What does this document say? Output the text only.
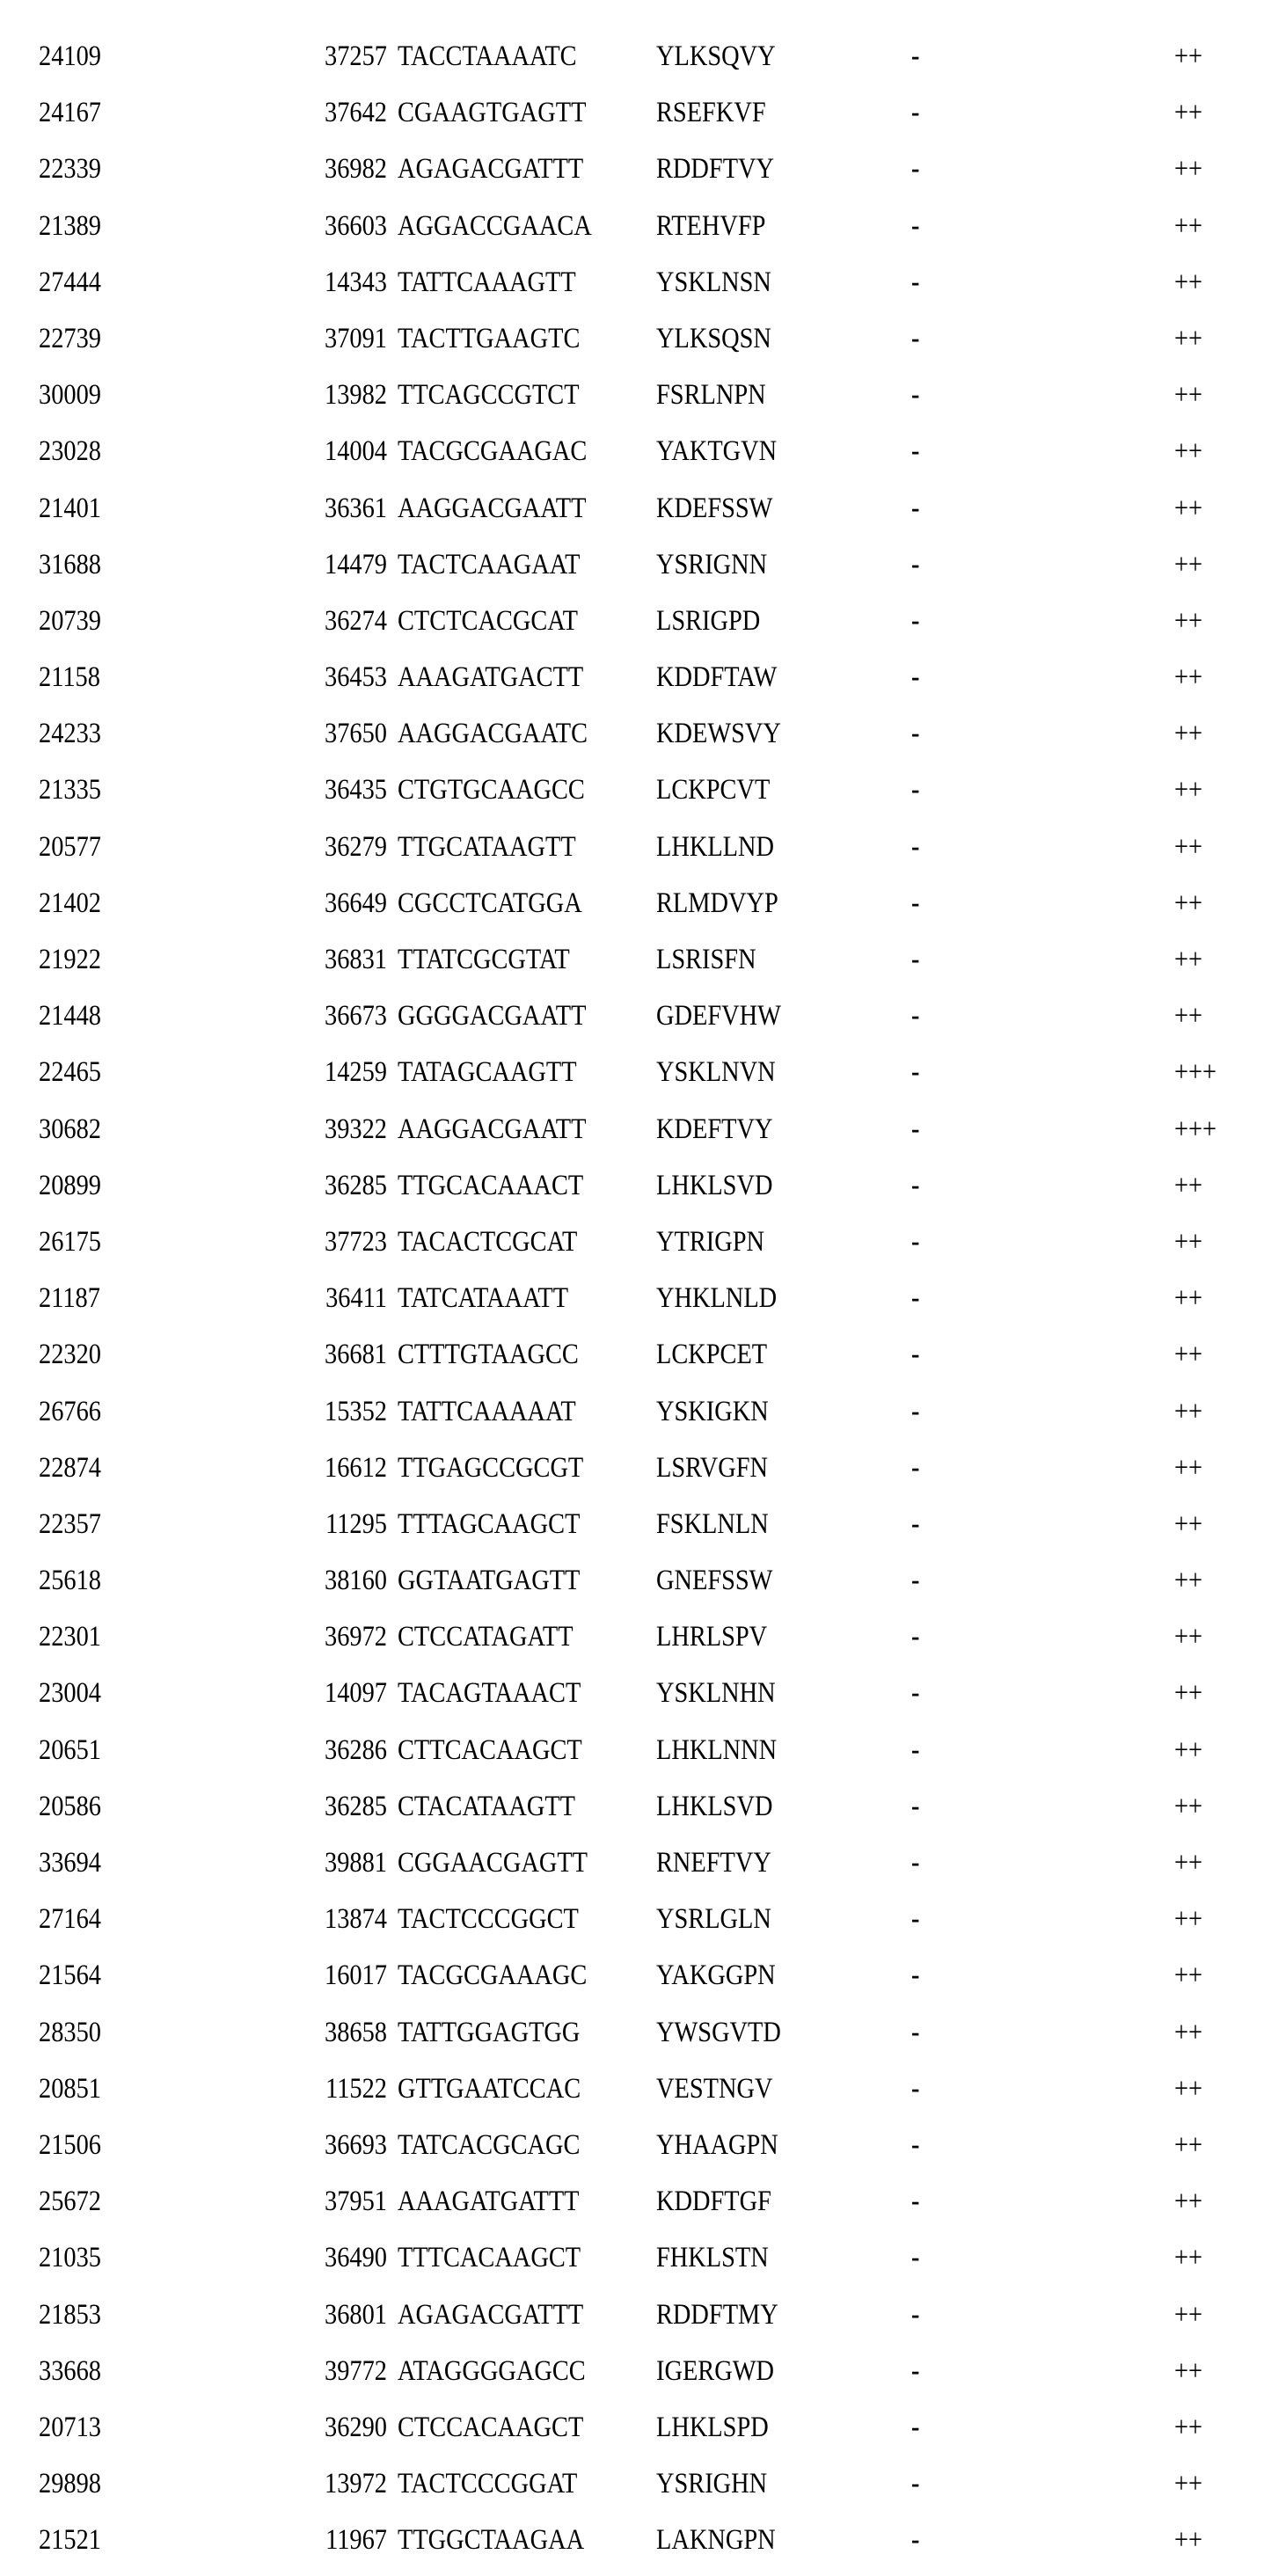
24109	37257 TACCTAAAATC	YLKSQVY	-	++
24167	37642 CGAAGTGAGTT RSEFKVF	-	++
22339	36982 AGAGACGATTT	RDDFTVY	-	++
21389	36603 AGGACCGAACA RTEHVFP	-	++
27444	14343 TATTCAAAGTT	YSKLNSN	-	++
22739	37091 TACTTGAAGTC	YLKSQSN	-	++
30009	13982 TTCAGCCGTCT	FSRLNPN	-	++
23028	14004 TACGCGAAGAC YAKTGVN	-	++
21401	36361 AAGGACGAATT KDEFSSW	-	++
31688	14479 TACTCAAGAAT	YSRIGNN	-	++
20739	36274 CTCTCACGCAT	LSRIGPD	-	++
21158	36453 AAAGATGACTT	KDDFTAW	-	++
24233	37650 AAGGACGAATC KDEWSVY	-	++
21335	36435 CTGTGCAAGCC LCKPCVT	-	++
20577	36279 TTGCATAAGTT	LHKLLND	-	++
21402	36649 CGCCTCATGGA	RLMDVYP	-	++
21922	36831 TTATCGCGTAT	LSRISFN	-	++
21448	36673 GGGGACGAATT GDEFVHW	-	++
22465	14259 TATAGCAAGTT	YSKLNVN	-	+++
30682	39322 AAGGACGAATT KDEFTVY	-	+++
20899	36285 TTGCACAAACT	LHKLSVD	-	++
26175	37723 TACACTCGCAT	YTRIGPN	-	++
21187	36411 TATCATAAATT	YHKLNLD	-	++
22320	36681 CTTTGTAAGCC	LCKPCET	-	++
26766	15352 TATTCAAAAAT	YSKIGKN	-	++
22874	16612 TTGAGCCGCGT	LSRVGFN	-	++
22357	11295 TTTAGCAAGCT	FSKLNLN	-	++
25618	38160 GGTAATGAGTT	GNEFSSW	-	++
22301	36972 CTCCATAGATT	LHRLSPV	-	++
23004	14097 TACAGTAAACT	YSKLNHN	-	++
20651	36286 CTTCACAAGCT	LHKLNNN	-	++
20586	36285 CTACATAAGTT	LHKLSVD	-	++
33694	39881 CGGAACGAGTT RNEFTVY	-	++
27164	13874 TACTCCCGGCT	YSRLGLN	-	++
21564	16017 TACGCGAAAGC YAKGGPN	-	++
28350	38658 TATTGGAGTGG	YWSGVTD	-	++
20851	11522 GTTGAATCCAC	VESTNGV	-	++
21506	36693 TATCACGCAGC	YHAAGPN	-	++
25672	37951 AAAGATGATTT	KDDFTGF	-	++
21035	36490 TTTCACAAGCT	FHKLSTN	-	++
21853	36801 AGAGACGATTT	RDDFTMY	-	++
33668	39772 ATAGGGGAGCC IGERGWD	-	++
20713	36290 CTCCACAAGCT	LHKLSPD	-	++
29898	13972 TACTCCCGGAT	YSRIGHN	-	++
21521	11967 TTGGCTAAGAA LAKNGPN	-	++
